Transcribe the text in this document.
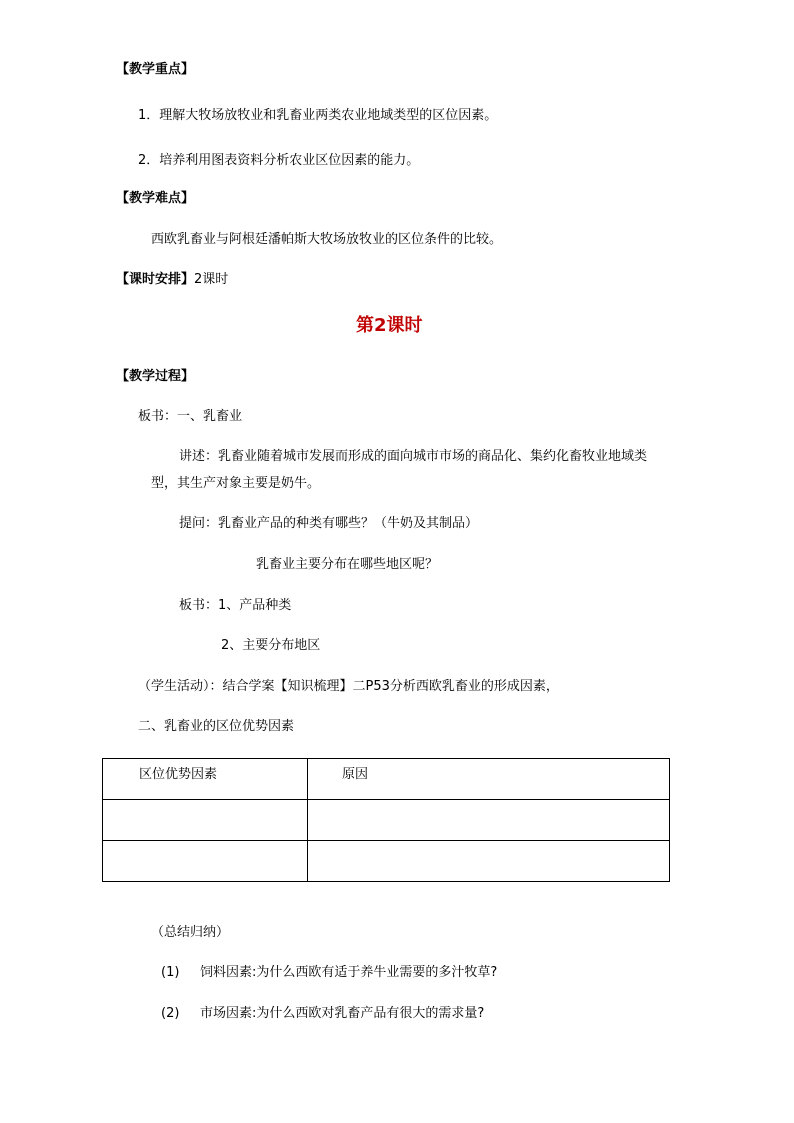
【教学重点】
1．理解大牧场放牧业和乳畜业两类农业地域类型的区位因素。
2．培养利用图表资料分析农业区位因素的能力。
【教学难点】
西欧乳畜业与阿根廷潘帕斯大牧场放牧业的区位条件的比较。
【课时安排】2课时
第2课时
【教学过程】
板书：一、乳畜业
讲述：乳畜业随着城市发展而形成的面向城市市场的商品化、集约化畜牧业地域类
型，其生产对象主要是奶牛。
提问：乳畜业产品的种类有哪些？（牛奶及其制品）
乳畜业主要分布在哪些地区呢？
板书：1、产品种类
2、主要分布地区
（学生活动）：结合学案【知识梳理】二P53分析西欧乳畜业的形成因素，
二、乳畜业的区位优势因素
区位优势因素	原因

（总结归纳）
(1) 饲料因素:为什么西欧有适于养牛业需要的多汁牧草?
(2) 市场因素:为什么西欧对乳畜产品有很大的需求量?
